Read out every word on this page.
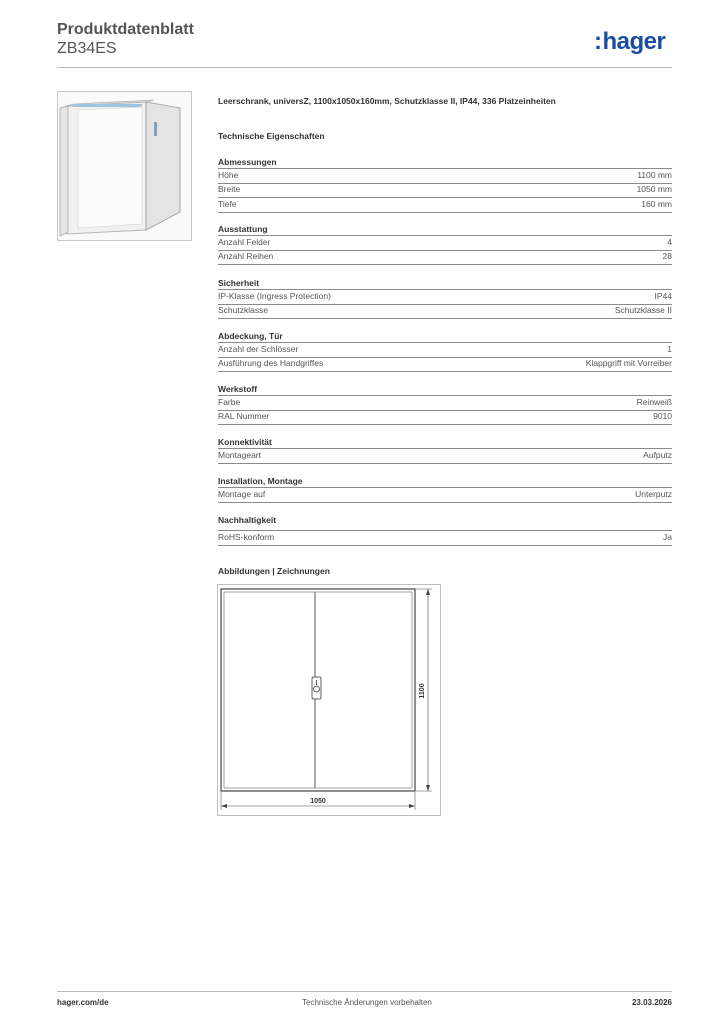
Produktdatenblatt
ZB34ES	:hager
Leerschrank, universZ, 1100x1050x160mm, Schutzklasse II, IP44, 336 Platzeinheiten
Technische Eigenschaften
Abmessungen
Höhe	1100 mm
Breite	1050 mm
Tiefe	160 mm
Ausstattung
Anzahl Felder	4
Anzahl Reihen	28
Sicherheit
IP-Klasse (Ingress Protection)	IP44
Schutzklasse	Schutzklasse II
Abdeckung, Tür
Anzahl der Schlösser	1
Ausführung des Handgriffes	Klappgriff mit Vorreiber
Werkstoff
Farbe	Reinweiß
RAL Nummer	9010
Konnektivität
Montageart	Aufputz
Installation, Montage
Montage auf	Unterputz
Nachhaltigkeit
RoHS-konform	Ja
Abbildungen | Zeichnungen
1050
1100
hager.com/de	Technische Änderungen vorbehalten	23.03.2026
